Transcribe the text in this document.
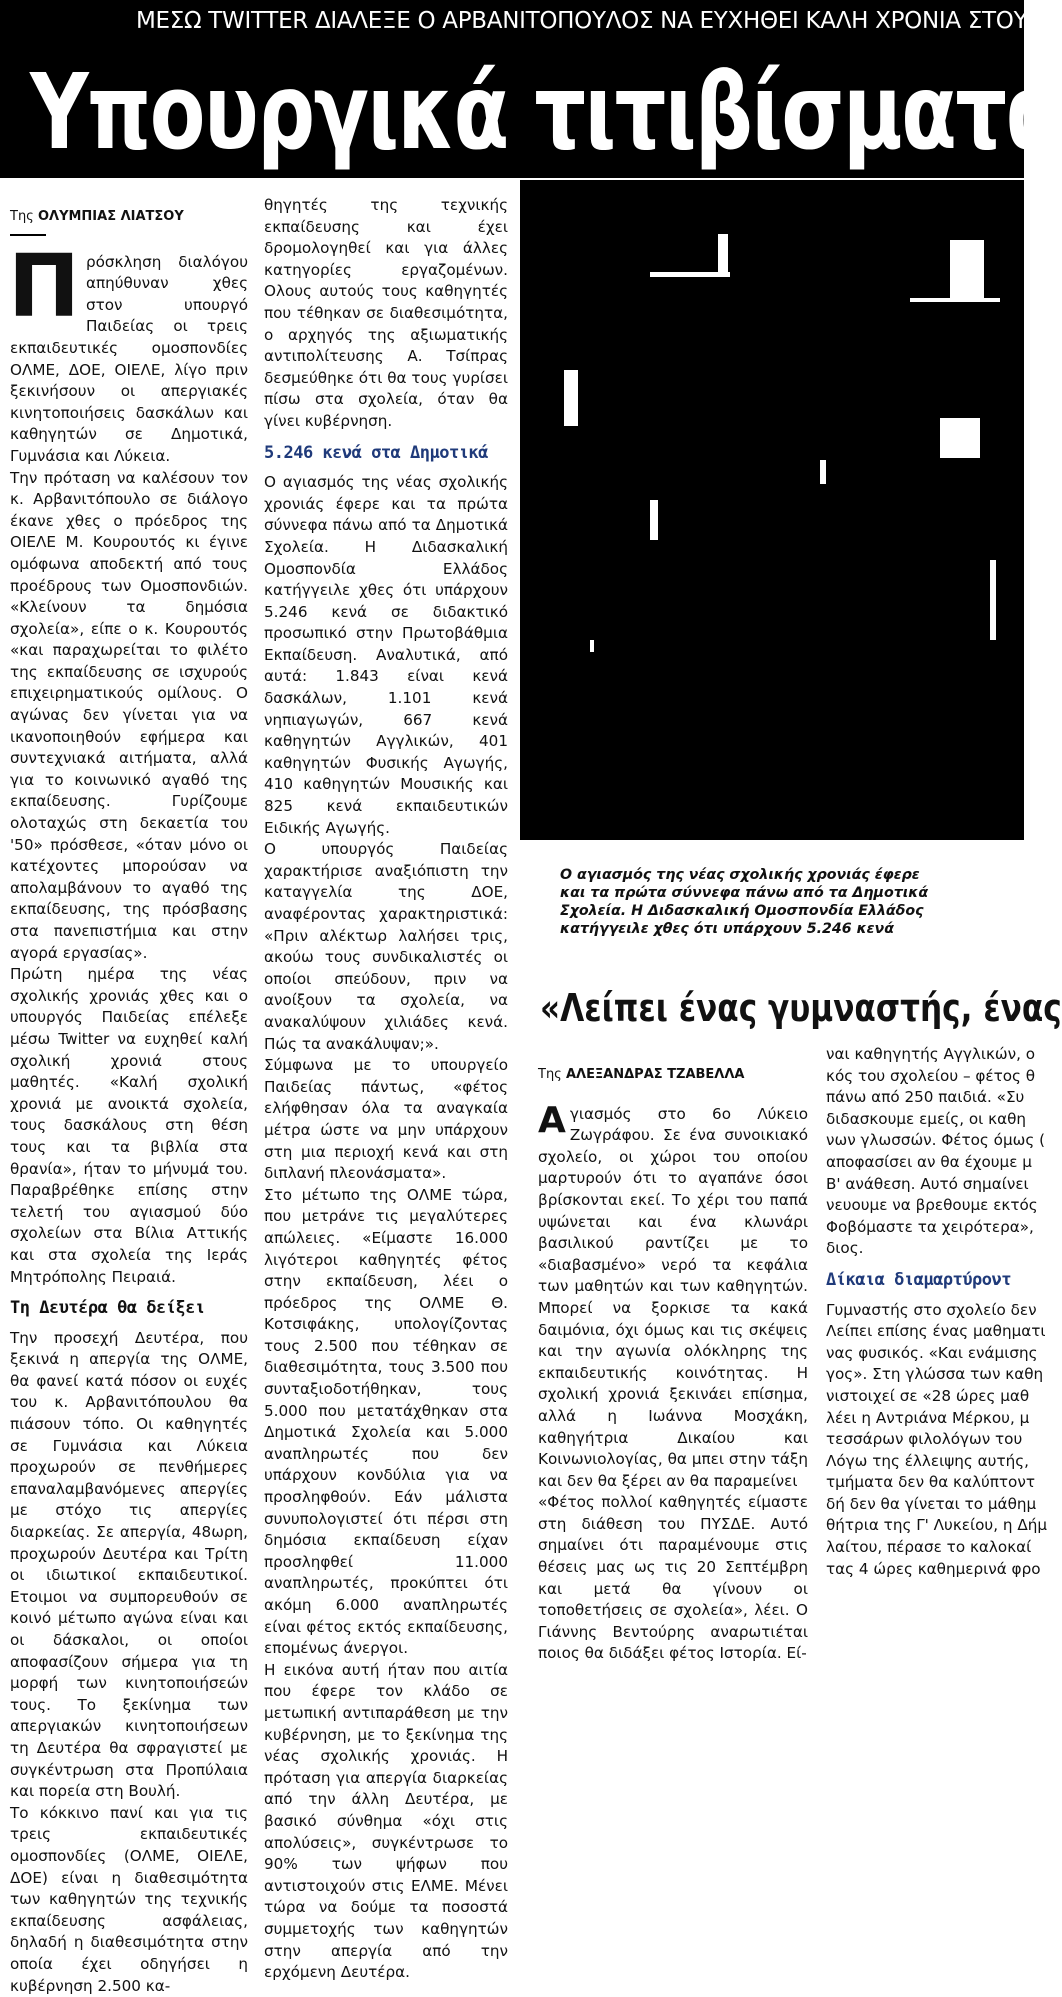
ΜΕΣΩ TWITTER ΔΙΑΛΕΞΕ Ο ΑΡΒΑΝΙΤΟΠΟΥΛΟΣ ΝΑ ΕΥΧΗΘΕΙ ΚΑΛΗ ΧΡΟΝΙΑ ΣΤΟΥ
Υπουργικά τιτιβίσματα
Της ΟΛΥΜΠΙΑΣ ΛΙΑΤΣΟΥ

Πρόσκληση διαλόγου απηύθυναν χθες στον υπουργό Παιδείας οι τρεις εκπαιδευτικές ομοσπονδίες ΟΛΜΕ, ΔΟΕ, ΟΙΕΛΕ, λίγο πριν ξεκινήσουν οι απεργιακές κινητοποιήσεις δασκάλων και καθηγητών σε Δημοτικά, Γυμνάσια και Λύκεια.

Την πρόταση να καλέσουν τον κ. Αρβανιτόπουλο σε διάλογο έκανε χθες ο πρόεδρος της ΟΙΕΛΕ Μ. Κουρουτός κι έγινε ομόφωνα αποδεκτή από τους προέδρους των Ομοσπονδιών. «Κλείνουν τα δημόσια σχολεία», είπε ο κ. Κουρουτός «και παραχωρείται το φιλέτο της εκπαίδευσης σε ισχυρούς επιχειρηματικούς ομίλους. Ο αγώνας δεν γίνεται για να ικανοποιηθούν εφήμερα και συντεχνιακά αιτήματα, αλλά για το κοινωνικό αγαθό της εκπαίδευσης. Γυρίζουμε ολοταχώς στη δεκαετία του '50» πρόσθεσε, «όταν μόνο οι κατέχοντες μπορούσαν να απολαμβάνουν το αγαθό της εκπαίδευσης, της πρόσβασης στα πανεπιστήμια και στην αγορά εργασίας».

Πρώτη ημέρα της νέας σχολικής χρονιάς χθες και ο υπουργός Παιδείας επέλεξε μέσω Twitter να ευχηθεί καλή σχολική χρονιά στους μαθητές. «Καλή σχολική χρονιά με ανοικτά σχολεία, τους δασκάλους στη θέση τους και τα βιβλία στα θρανία», ήταν το μήνυμά του. Παραβρέθηκε επίσης στην τελετή του αγιασμού δύο σχολείων στα Βίλια Αττικής και στα σχολεία της Ιεράς Μητρόπολης Πειραιά.

Τη Δευτέρα θα δείξει

Την προσεχή Δευτέρα, που ξεκινά η απεργία της ΟΛΜΕ, θα φανεί κατά πόσον οι ευχές του κ. Αρβανιτόπουλου θα πιάσουν τόπο. Οι καθηγητές σε Γυμνάσια και Λύκεια προχωρούν σε πενθήμερες επαναλαμβανόμενες απεργίες με στόχο τις απεργίες διαρκείας. Σε απεργία, 48ωρη, προχωρούν Δευτέρα και Τρίτη οι ιδιωτικοί εκπαιδευτικοί. Ετοιμοι να συμπορευθούν σε κοινό μέτωπο αγώνα είναι και οι δάσκαλοι, οι οποίοι αποφασίζουν σήμερα για τη μορφή των κινητοποιήσεών τους. Το ξεκίνημα των απεργιακών κινητοποιήσεων τη Δευτέρα θα σφραγιστεί με συγκέντρωση στα Προπύλαια και πορεία στη Βουλή.

Το κόκκινο πανί και για τις τρεις εκπαιδευτικές ομοσπονδίες (ΟΛΜΕ, ΟΙΕΛΕ, ΔΟΕ) είναι η διαθεσιμότητα των καθηγητών της τεχνικής εκπαίδευσης ασφάλειας, δηλαδή η διαθεσιμότητα στην οποία έχει οδηγήσει η κυβέρνηση 2.500 κα-

θηγητές της τεχνικής εκπαίδευσης και έχει δρομολογηθεί και για άλλες κατηγορίες εργαζομένων. Ολους αυτούς τους καθηγητές που τέθηκαν σε διαθεσιμότητα, ο αρχηγός της αξιωματικής αντιπολίτευσης Α. Τσίπρας δεσμεύθηκε ότι θα τους γυρίσει πίσω στα σχολεία, όταν θα γίνει κυβέρνηση.

5.246 κενά στα Δημοτικά

Ο αγιασμός της νέας σχολικής χρονιάς έφερε και τα πρώτα σύννεφα πάνω από τα Δημοτικά Σχολεία. Η Διδασκαλική Ομοσπονδία Ελλάδος κατήγγειλε χθες ότι υπάρχουν 5.246 κενά σε διδακτικό προσωπικό στην Πρωτοβάθμια Εκπαίδευση. Αναλυτικά, από αυτά: 1.843 είναι κενά δασκάλων, 1.101 κενά νηπιαγωγών, 667 κενά καθηγητών Αγγλικών, 401 καθηγητών Φυσικής Αγωγής, 410 καθηγητών Μουσικής και 825 κενά εκπαιδευτικών Ειδικής Αγωγής.

Ο υπουργός Παιδείας χαρακτήρισε αναξιόπιστη την καταγγελία της ΔΟΕ, αναφέροντας χαρακτηριστικά: «Πριν αλέκτωρ λαλήσει τρις, ακούω τους συνδικαλιστές οι οποίοι σπεύδουν, πριν να ανοίξουν τα σχολεία, να ανακαλύψουν χιλιάδες κενά. Πώς τα ανακάλυψαν;».

Σύμφωνα με το υπουργείο Παιδείας πάντως, «φέτος ελήφθησαν όλα τα αναγκαία μέτρα ώστε να μην υπάρχουν στη μια περιοχή κενά και στη διπλανή πλεονάσματα».

Στο μέτωπο της ΟΛΜΕ τώρα, που μετράνε τις μεγαλύτερες απώλειες. «Είμαστε 16.000 λιγότεροι καθηγητές φέτος στην εκπαίδευση, λέει ο πρόεδρος της ΟΛΜΕ Θ. Κοτσιφάκης, υπολογίζοντας τους 2.500 που τέθηκαν σε διαθεσιμότητα, τους 3.500 που συνταξιοδοτήθηκαν, τους 5.000 που μετατάχθηκαν στα Δημοτικά Σχολεία και 5.000 αναπληρωτές που δεν υπάρχουν κονδύλια για να προσληφθούν. Εάν μάλιστα συνυπολογιστεί ότι πέρσι στη δημόσια εκπαίδευση είχαν προσληφθεί 11.000 αναπληρωτές, προκύπτει ότι ακόμη 6.000 αναπληρωτές είναι φέτος εκτός εκπαίδευσης, επομένως άνεργοι.

Η εικόνα αυτή ήταν που αιτία που έφερε τον κλάδο σε μετωπική αντιπαράθεση με την κυβέρνηση, με το ξεκίνημα της νέας σχολικής χρονιάς. Η πρόταση για απεργία διαρκείας από την άλλη Δευτέρα, με βασικό σύνθημα «όχι στις απολύσεις», συγκέντρωσε το 90% των ψήφων που αντιστοιχούν στις ΕΛΜΕ. Μένει τώρα να δούμε τα ποσοστά συμμετοχής των καθηγητών στην απεργία από την ερχόμενη Δευτέρα.

Ο αγιασμός της νέας σχολικής χρονιάς έφερε και τα πρώτα σύννεφα πάνω από τα Δημοτικά Σχολεία. Η Διδασκαλική Ομοσπονδία Ελλάδος κατήγγειλε χθες ότι υπάρχουν 5.246 κενά
«Λείπει ένας γυμναστής, ένας
Της ΑΛΕΞΑΝΔΡΑΣ ΤΖΑΒΕΛΛΑ

Αγιασμός στο 6ο Λύκειο Ζωγράφου. Σε ένα συνοικιακό σχολείο, οι χώροι του οποίου μαρτυρούν ότι το αγαπάνε όσοι βρίσκονται εκεί. Το χέρι του παπά υψώνεται και ένα κλωνάρι βασιλικού ραντίζει με το «διαβασμένο» νερό τα κεφάλια των μαθητών και των καθηγητών. Μπορεί να ξορκισε τα κακά δαιμόνια, όχι όμως και τις σκέψεις και την αγωνία ολόκληρης της εκπαιδευτικής κοινότητας. Η σχολική χρονιά ξεκινάει επίσημα, αλλά η Ιωάννα Μοσχάκη, καθηγήτρια Δικαίου και Κοινωνιολογίας, θα μπει στην τάξη και δεν θα ξέρει αν θα παραμείνει

«Φέτος πολλοί καθηγητές είμαστε στη διάθεση του ΠΥΣΔΕ. Αυτό σημαίνει ότι παραμένουμε στις θέσεις μας ως τις 20 Σεπτέμβρη και μετά θα γίνουν οι τοποθετήσεις σε σχολεία», λέει. Ο Γιάννης Βεντούρης αναρωτιέται ποιος θα διδάξει φέτος Ιστορία. Εί-

ναι καθηγητής Αγγλικών, ο

κός του σχολείου – φέτος θ

πάνω από 250 παιδιά. «Συ

διδασκουμε εμείς, οι καθη

νων γλωσσών. Φέτος όμως (

αποφασίσει αν θα έχουμε μ

Β' ανάθεση. Αυτό σημαίνει

νευουμε να βρεθουμε εκτός

Φοβόμαστε τα χειρότερα»,

διος.

Δίκαια διαμαρτύροντ

Γυμναστής στο σχολείο δεν

Λείπει επίσης ένας μαθηματι

νας φυσικός. «Και ενάμισης

γος». Στη γλώσσα των καθη

νιστοιχεί σε «28 ώρες μαθ

λέει η Αντριάνα Μέρκου, μ

τεσσάρων φιλολόγων του

Λόγω της έλλειψης αυτής,

τμήματα δεν θα καλύπτοντ

δή δεν θα γίνεται το μάθημ

θήτρια της Γ' Λυκείου, η Δήμ

λαίτου, πέρασε το καλοκαί

τας 4 ώρες καθημερινά φρο
